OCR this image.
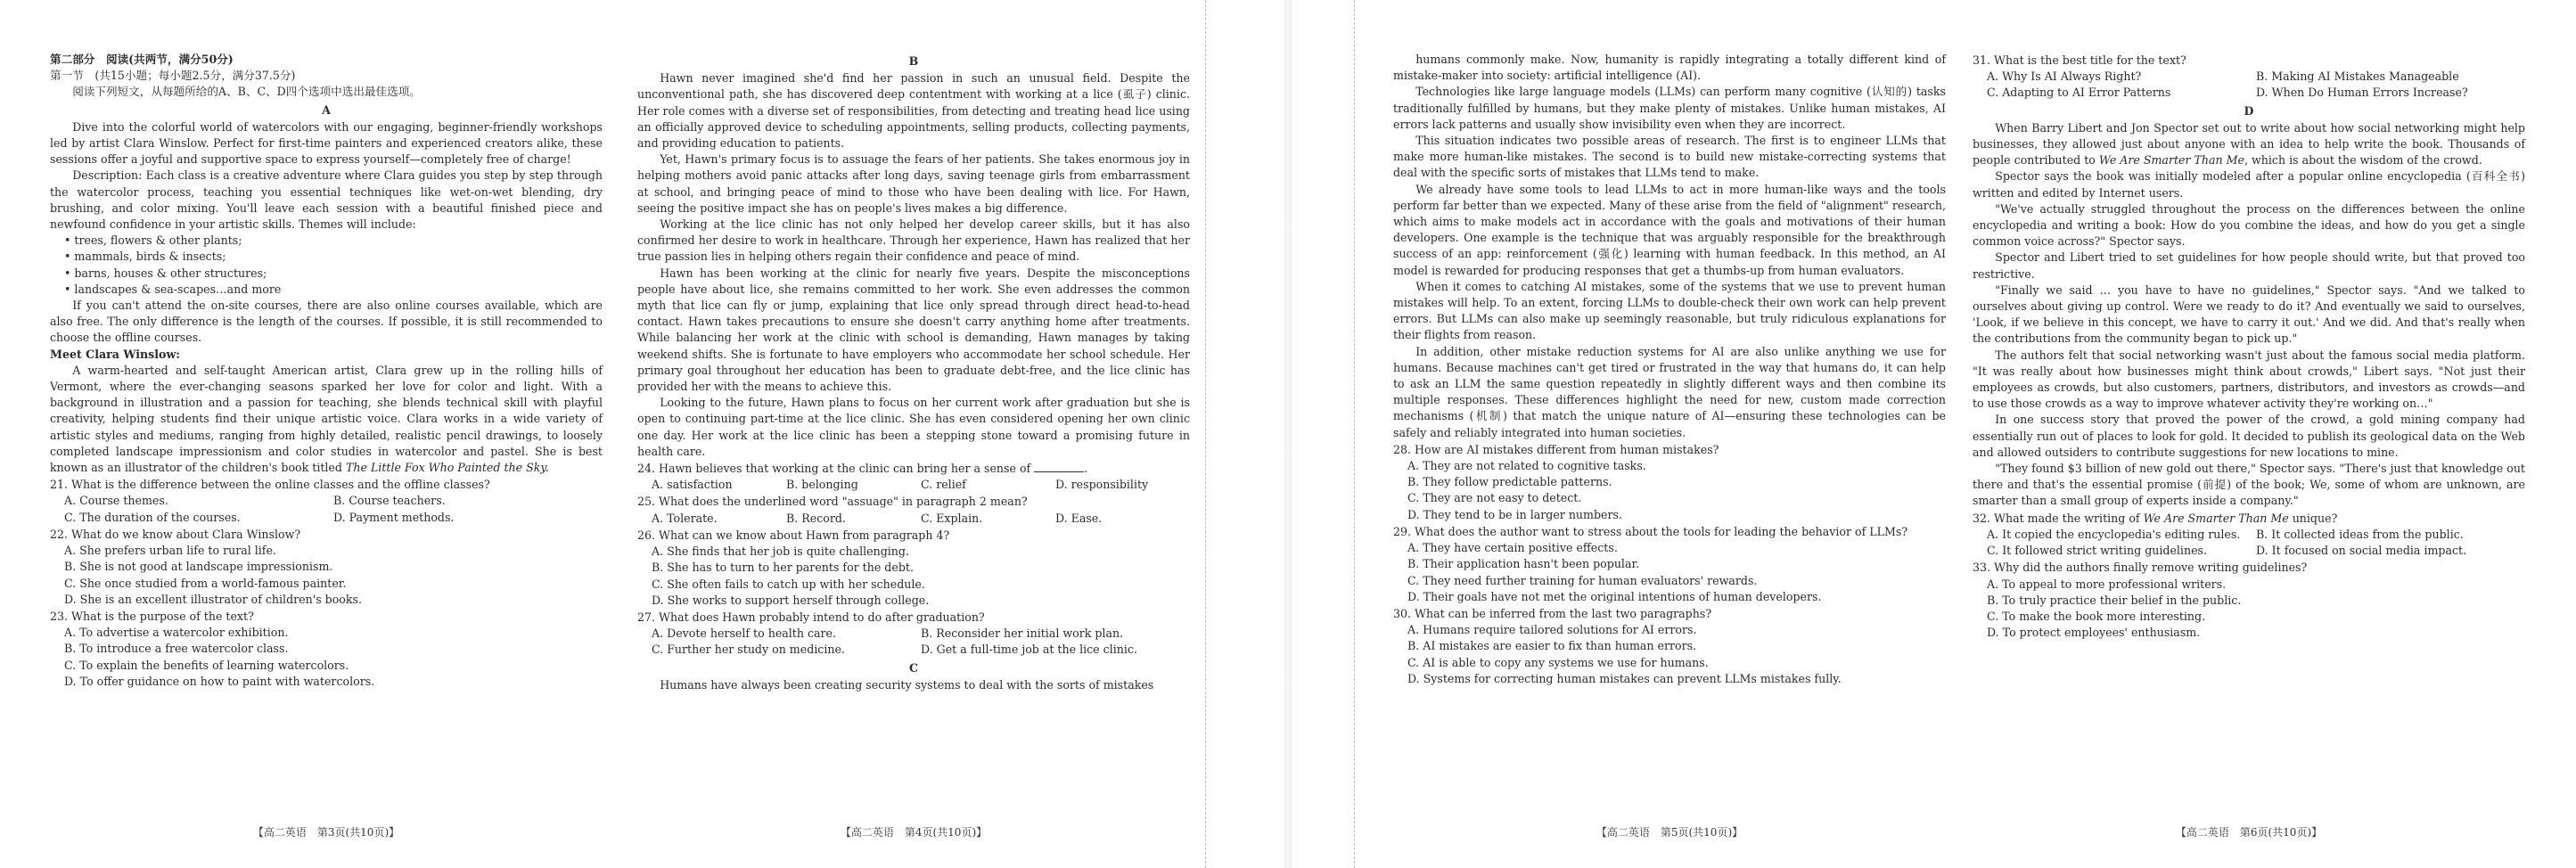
第二部分　阅读(共两节，满分50分)

第一节　(共15小题；每小题2.5分，满分37.5分)

阅读下列短文，从每题所给的A、B、C、D四个选项中选出最佳选项。

A

Dive into the colorful world of watercolors with our engaging, beginner-friendly workshops led by artist Clara Winslow. Perfect for first-time painters and experienced creators alike, these sessions offer a joyful and supportive space to express yourself—completely free of charge!

Description: Each class is a creative adventure where Clara guides you step by step through the watercolor process, teaching you essential techniques like wet-on-wet blending, dry brushing, and color mixing. You'll leave each session with a beautiful finished piece and newfound confidence in your artistic skills. Themes will include:

• trees, flowers & other plants;

• mammals, birds & insects;

• barns, houses & other structures;

• landscapes & sea-scapes…and more

If you can't attend the on-site courses, there are also online courses available, which are also free. The only difference is the length of the courses. If possible, it is still recommended to choose the offline courses.

Meet Clara Winslow:

A warm-hearted and self-taught American artist, Clara grew up in the rolling hills of Vermont, where the ever-changing seasons sparked her love for color and light. With a background in illustration and a passion for teaching, she blends technical skill with playful creativity, helping students find their unique artistic voice. Clara works in a wide variety of artistic styles and mediums, ranging from highly detailed, realistic pencil drawings, to loosely completed landscape impressionism and color studies in watercolor and pastel. She is best known as an illustrator of the children's book titled The Little Fox Who Painted the Sky.

21. What is the difference between the online classes and the offline classes?

A. Course themes.	B. Course teachers.
C. The duration of the courses.	D. Payment methods.

22. What do we know about Clara Winslow?

A. She prefers urban life to rural life.
B. She is not good at landscape impressionism.
C. She once studied from a world-famous painter.
D. She is an excellent illustrator of children's books.

23. What is the purpose of the text?

A. To advertise a watercolor exhibition.
B. To introduce a free watercolor class.
C. To explain the benefits of learning watercolors.
D. To offer guidance on how to paint with watercolors.
【高二英语　第3页(共10页)】

B

Hawn never imagined she'd find her passion in such an unusual field. Despite the unconventional path, she has discovered deep contentment with working at a lice (虱子) clinic. Her role comes with a diverse set of responsibilities, from detecting and treating head lice using an officially approved device to scheduling appointments, selling products, collecting payments, and providing education to patients.

Yet, Hawn's primary focus is to assuage the fears of her patients. She takes enormous joy in helping mothers avoid panic attacks after long days, saving teenage girls from embarrassment at school, and bringing peace of mind to those who have been dealing with lice. For Hawn, seeing the positive impact she has on people's lives makes a big difference.

Working at the lice clinic has not only helped her develop career skills, but it has also confirmed her desire to work in healthcare. Through her experience, Hawn has realized that her true passion lies in helping others regain their confidence and peace of mind.

Hawn has been working at the clinic for nearly five years. Despite the misconceptions people have about lice, she remains committed to her work. She even addresses the common myth that lice can fly or jump, explaining that lice only spread through direct head-to-head contact. Hawn takes precautions to ensure she doesn't carry anything home after treatments. While balancing her work at the clinic with school is demanding, Hawn manages by taking weekend shifts. She is fortunate to have employers who accommodate her school schedule. Her primary goal throughout her education has been to graduate debt-free, and the lice clinic has provided her with the means to achieve this.

Looking to the future, Hawn plans to focus on her current work after graduation but she is open to continuing part-time at the lice clinic. She has even considered opening her own clinic one day. Her work at the lice clinic has been a stepping stone toward a promising future in health care.

24. Hawn believes that working at the clinic can bring her a sense of	.

A. satisfaction	B. belonging	C. relief	D. responsibility

25. What does the underlined word "assuage" in paragraph 2 mean?

A. Tolerate.	B. Record.	C. Explain.	D. Ease.

26. What can we know about Hawn from paragraph 4?

A. She finds that her job is quite challenging.
B. She has to turn to her parents for the debt.
C. She often fails to catch up with her schedule.
D. She works to support herself through college.

27. What does Hawn probably intend to do after graduation?

A. Devote herself to health care.	B. Reconsider her initial work plan.
C. Further her study on medicine.	D. Get a full-time job at the lice clinic.

C

Humans have always been creating security systems to deal with the sorts of mistakes

【高二英语　第4页(共10页)】

humans commonly make. Now, humanity is rapidly integrating a totally different kind of mistake-maker into society: artificial intelligence (AI).

Technologies like large language models (LLMs) can perform many cognitive (认知的) tasks traditionally fulfilled by humans, but they make plenty of mistakes. Unlike human mistakes, AI errors lack patterns and usually show invisibility even when they are incorrect.

This situation indicates two possible areas of research. The first is to engineer LLMs that make more human-like mistakes. The second is to build new mistake-correcting systems that deal with the specific sorts of mistakes that LLMs tend to make.

We already have some tools to lead LLMs to act in more human-like ways and the tools perform far better than we expected. Many of these arise from the field of "alignment" research, which aims to make models act in accordance with the goals and motivations of their human developers. One example is the technique that was arguably responsible for the breakthrough success of an app: reinforcement (强化) learning with human feedback. In this method, an AI model is rewarded for producing responses that get a thumbs-up from human evaluators.

When it comes to catching AI mistakes, some of the systems that we use to prevent human mistakes will help. To an extent, forcing LLMs to double-check their own work can help prevent errors. But LLMs can also make up seemingly reasonable, but truly ridiculous explanations for their flights from reason.

In addition, other mistake reduction systems for AI are also unlike anything we use for humans. Because machines can't get tired or frustrated in the way that humans do, it can help to ask an LLM the same question repeatedly in slightly different ways and then combine its multiple responses. These differences highlight the need for new, custom made correction mechanisms (机制) that match the unique nature of AI—ensuring these technologies can be safely and reliably integrated into human societies.

28. How are AI mistakes different from human mistakes?

A. They are not related to cognitive tasks.
B. They follow predictable patterns.
C. They are not easy to detect.
D. They tend to be in larger numbers.

29. What does the author want to stress about the tools for leading the behavior of LLMs?

A. They have certain positive effects.
B. Their application hasn't been popular.
C. They need further training for human evaluators' rewards.
D. Their goals have not met the original intentions of human developers.

30. What can be inferred from the last two paragraphs?

A. Humans require tailored solutions for AI errors.
B. AI mistakes are easier to fix than human errors.
C. AI is able to copy any systems we use for humans.
D. Systems for correcting human mistakes can prevent LLMs mistakes fully.
【高二英语　第5页(共10页)】

31. What is the best title for the text?

A. Why Is AI Always Right?	B. Making AI Mistakes Manageable
C. Adapting to AI Error Patterns	D. When Do Human Errors Increase?

D

When Barry Libert and Jon Spector set out to write about how social networking might help businesses, they allowed just about anyone with an idea to help write the book. Thousands of people contributed to We Are Smarter Than Me, which is about the wisdom of the crowd.

Spector says the book was initially modeled after a popular online encyclopedia (百科全书) written and edited by Internet users.

"We've actually struggled throughout the process on the differences between the online encyclopedia and writing a book: How do you combine the ideas, and how do you get a single common voice across?" Spector says.

Spector and Libert tried to set guidelines for how people should write, but that proved too restrictive.

"Finally we said … you have to have no guidelines," Spector says. "And we talked to ourselves about giving up control. Were we ready to do it? And eventually we said to ourselves, 'Look, if we believe in this concept, we have to carry it out.' And we did. And that's really when the contributions from the community began to pick up."

The authors felt that social networking wasn't just about the famous social media platform. "It was really about how businesses might think about crowds," Libert says. "Not just their employees as crowds, but also customers, partners, distributors, and investors as crowds—and to use those crowds as a way to improve whatever activity they're working on…"

In one success story that proved the power of the crowd, a gold mining company had essentially run out of places to look for gold. It decided to publish its geological data on the Web and allowed outsiders to contribute suggestions for new locations to mine.

"They found $3 billion of new gold out there," Spector says. "There's just that knowledge out there and that's the essential promise (前提) of the book; We, some of whom are unknown, are smarter than a small group of experts inside a company."

32. What made the writing of We Are Smarter Than Me unique?

A. It copied the encyclopedia's editing rules.	B. It collected ideas from the public.
C. It followed strict writing guidelines.	D. It focused on social media impact.

33. Why did the authors finally remove writing guidelines?

A. To appeal to more professional writers.
B. To truly practice their belief in the public.
C. To make the book more interesting.
D. To protect employees' enthusiasm.
【高二英语　第6页(共10页)】
